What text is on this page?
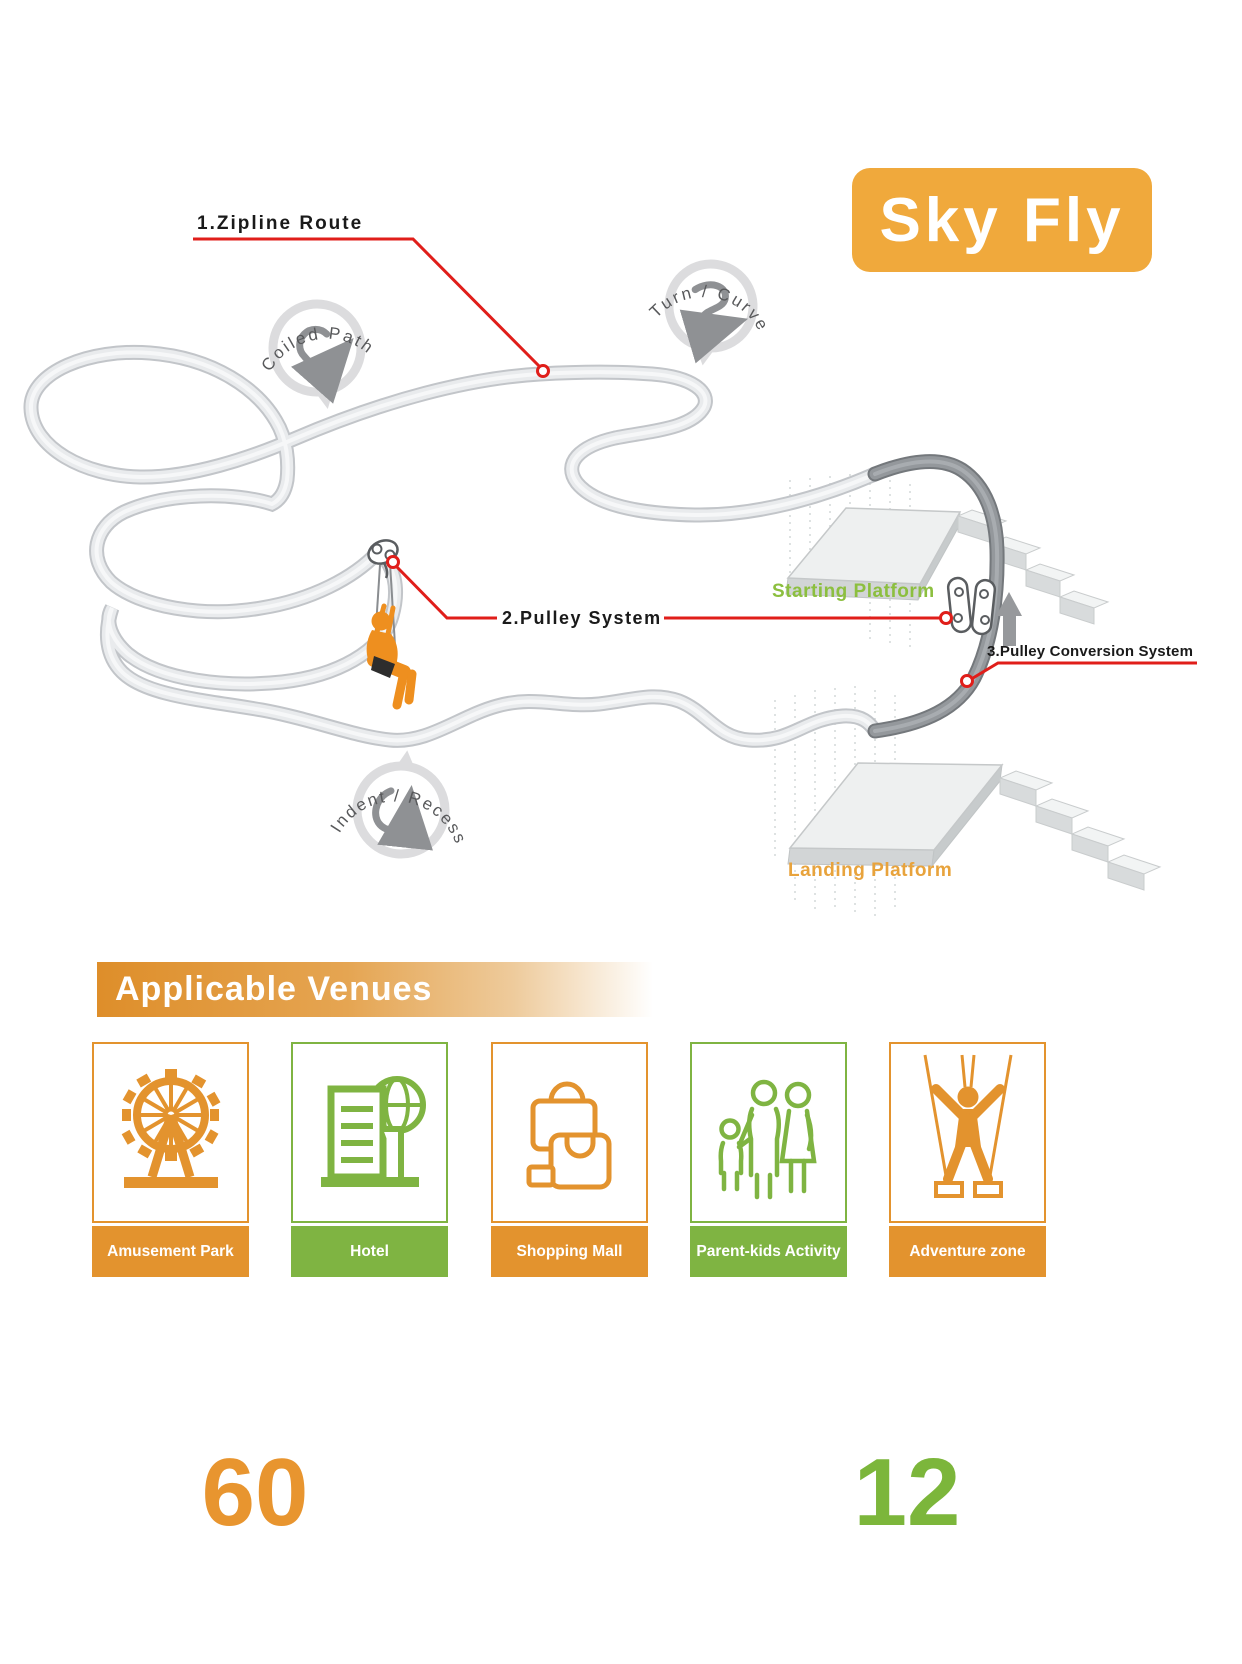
Coiled Path
Turn / Curve
Indent / Recess
1.Zipline Route
2.Pulley System
3.Pulley Conversion System
Starting Platform
Landing Platform
Sky Fly
Applicable Venues
Amusement Park	Hotel	Shopping Mall	Parent-kids Activity	Adventure zone
60	12
